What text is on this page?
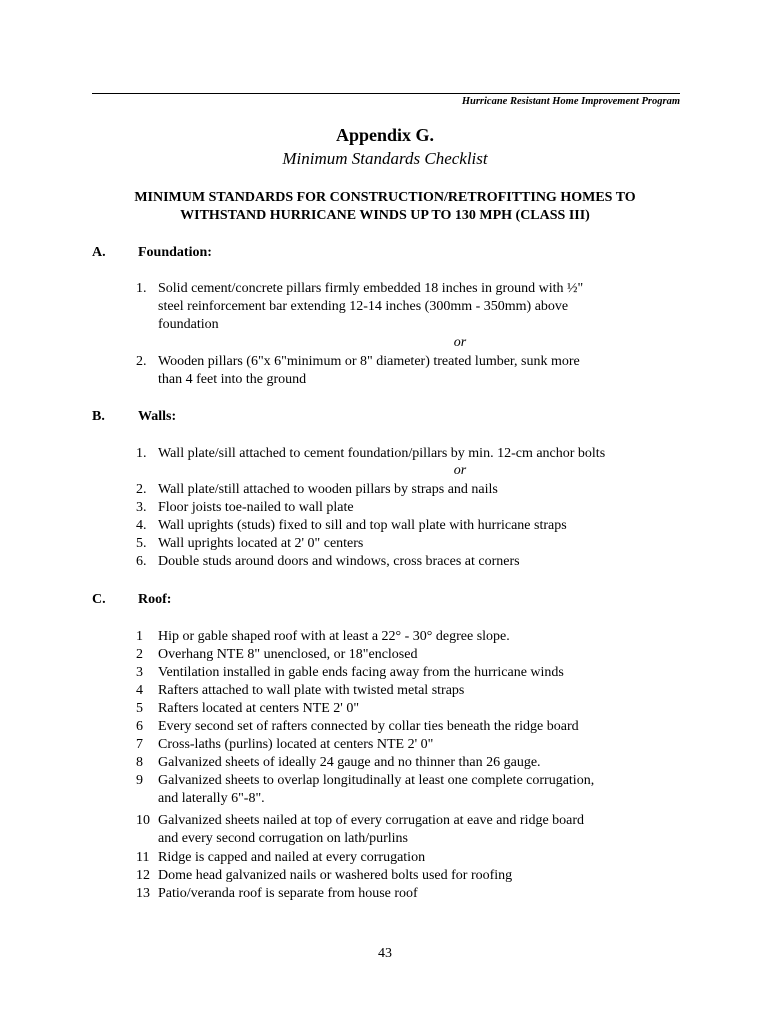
Hurricane Resistant Home Improvement Program
Appendix G.
Minimum Standards Checklist
MINIMUM STANDARDS FOR CONSTRUCTION/RETROFITTING HOMES TO
WITHSTAND HURRICANE WINDS UP TO 130 MPH (CLASS III)
A. Foundation:
1. Solid cement/concrete pillars firmly embedded 18 inches in ground with ½"
steel reinforcement bar extending 12-14 inches (300mm - 350mm) above
foundation
or
2. Wooden pillars (6"x 6"minimum or 8" diameter) treated lumber, sunk more
than 4 feet into the ground
B. Walls:
1. Wall plate/sill attached to cement foundation/pillars by min. 12-cm anchor bolts
or
2. Wall plate/still attached to wooden pillars by straps and nails
3. Floor joists toe-nailed to wall plate
4. Wall uprights (studs) fixed to sill and top wall plate with hurricane straps
5. Wall uprights located at 2' 0" centers
6. Double studs around doors and windows, cross braces at corners
C. Roof:
1 Hip or gable shaped roof with at least a 22° - 30° degree slope.
2 Overhang NTE 8" unenclosed, or 18"enclosed
3 Ventilation installed in gable ends facing away from the hurricane winds
4 Rafters attached to wall plate with twisted metal straps
5 Rafters located at centers NTE 2' 0"
6 Every second set of rafters connected by collar ties beneath the ridge board
7 Cross-laths (purlins) located at centers NTE 2' 0"
8 Galvanized sheets of ideally 24 gauge and no thinner than 26 gauge.
9 Galvanized sheets to overlap longitudinally at least one complete corrugation,
and laterally 6"-8".
10 Galvanized sheets nailed at top of every corrugation at eave and ridge board
and every second corrugation on lath/purlins
11 Ridge is capped and nailed at every corrugation
12 Dome head galvanized nails or washered bolts used for roofing
13 Patio/veranda roof is separate from house roof
43
